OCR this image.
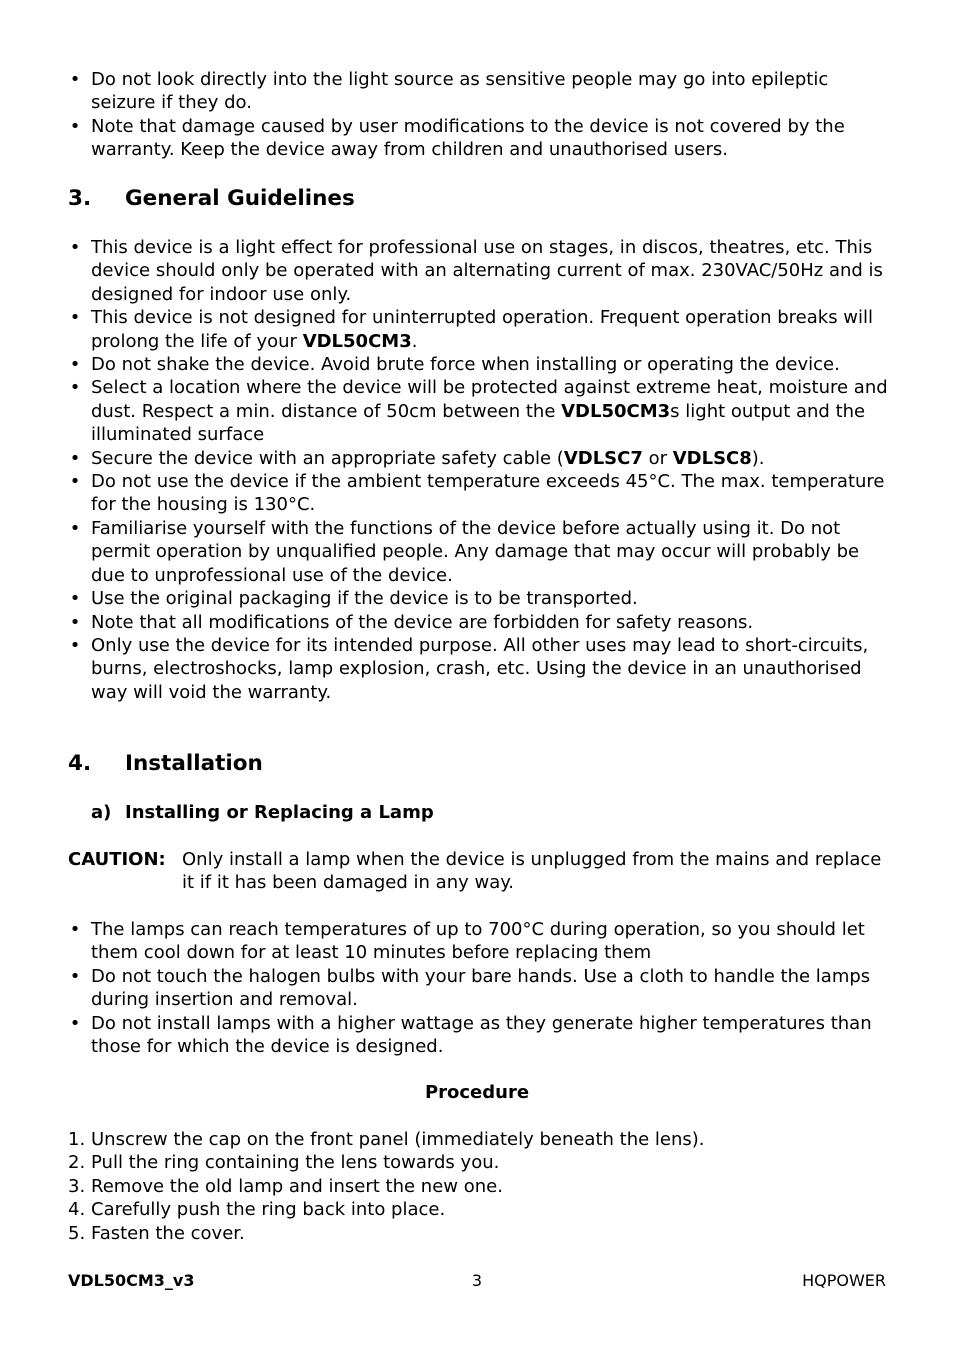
• Do not look directly into the light source as sensitive people may go into epileptic seizure if they do.
• Note that damage caused by user modifications to the device is not covered by the warranty. Keep the device away from children and unauthorised users.
3. General Guidelines
• This device is a light effect for professional use on stages, in discos, theatres, etc. This device should only be operated with an alternating current of max. 230VAC/50Hz and is designed for indoor use only.
• This device is not designed for uninterrupted operation. Frequent operation breaks will prolong the life of your VDL50CM3.
• Do not shake the device. Avoid brute force when installing or operating the device.
• Select a location where the device will be protected against extreme heat, moisture and dust. Respect a min. distance of 50cm between the VDL50CM3s light output and the illuminated surface
• Secure the device with an appropriate safety cable (VDLSC7 or VDLSC8).
• Do not use the device if the ambient temperature exceeds 45°C. The max. temperature for the housing is 130°C.
• Familiarise yourself with the functions of the device before actually using it. Do not permit operation by unqualified people. Any damage that may occur will probably be due to unprofessional use of the device.
• Use the original packaging if the device is to be transported.
• Note that all modifications of the device are forbidden for safety reasons.
• Only use the device for its intended purpose. All other uses may lead to short-circuits, burns, electroshocks, lamp explosion, crash, etc. Using the device in an unauthorised way will void the warranty.
4. Installation
a) Installing or Replacing a Lamp
CAUTION: Only install a lamp when the device is unplugged from the mains and replace it if it has been damaged in any way.
• The lamps can reach temperatures of up to 700°C during operation, so you should let them cool down for at least 10 minutes before replacing them
• Do not touch the halogen bulbs with your bare hands. Use a cloth to handle the lamps during insertion and removal.
• Do not install lamps with a higher wattage as they generate higher temperatures than those for which the device is designed.
Procedure
1. Unscrew the cap on the front panel (immediately beneath the lens).
2. Pull the ring containing the lens towards you.
3. Remove the old lamp and insert the new one.
4. Carefully push the ring back into place.
5. Fasten the cover.
VDL50CM3_v3	3	HQPOWER
